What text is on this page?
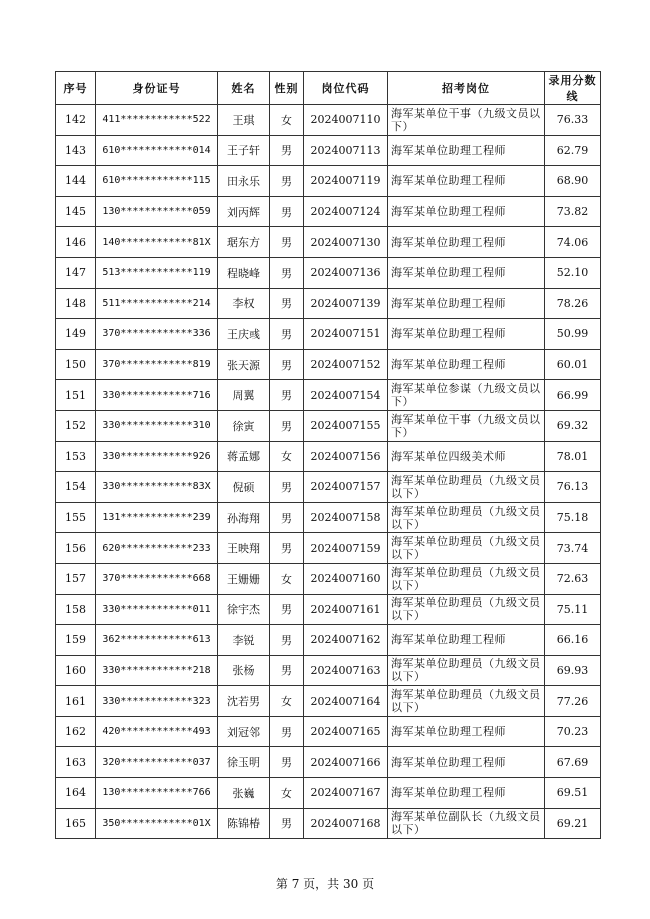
序号	身份证号	姓名	性别	岗位代码	招考岗位	录用分数线
142	411************522	王琪	女	2024007110	海军某单位干事（九级文员以下）	76.33
143	610************014	王子轩	男	2024007113	海军某单位助理工程师	62.79
144	610************115	田永乐	男	2024007119	海军某单位助理工程师	68.90
145	130************059	刘丙辉	男	2024007124	海军某单位助理工程师	73.82
146	140************81X	琚东方	男	2024007130	海军某单位助理工程师	74.06
147	513************119	程晓峰	男	2024007136	海军某单位助理工程师	52.10
148	511************214	李权	男	2024007139	海军某单位助理工程师	78.26
149	370************336	王庆彧	男	2024007151	海军某单位助理工程师	50.99
150	370************819	张天源	男	2024007152	海军某单位助理工程师	60.01
151	330************716	周翼	男	2024007154	海军某单位参谋（九级文员以下）	66.99
152	330************310	徐寅	男	2024007155	海军某单位干事（九级文员以下）	69.32
153	330************926	蒋孟娜	女	2024007156	海军某单位四级美术师	78.01
154	330************83X	倪硕	男	2024007157	海军某单位助理员（九级文员以下）	76.13
155	131************239	孙海翔	男	2024007158	海军某单位助理员（九级文员以下）	75.18
156	620************233	王映翔	男	2024007159	海军某单位助理员（九级文员以下）	73.74
157	370************668	王姗姗	女	2024007160	海军某单位助理员（九级文员以下）	72.63
158	330************011	徐宇杰	男	2024007161	海军某单位助理员（九级文员以下）	75.11
159	362************613	李锐	男	2024007162	海军某单位助理工程师	66.16
160	330************218	张杨	男	2024007163	海军某单位助理员（九级文员以下）	69.93
161	330************323	沈若男	女	2024007164	海军某单位助理员（九级文员以下）	77.26
162	420************493	刘冠邻	男	2024007165	海军某单位助理工程师	70.23
163	320************037	徐玉明	男	2024007166	海军某单位助理工程师	67.69
164	130************766	张巍	女	2024007167	海军某单位助理工程师	69.51
165	350************01X	陈锦椿	男	2024007168	海军某单位副队长（九级文员以下）	69.21
第 7 页，共 30 页
